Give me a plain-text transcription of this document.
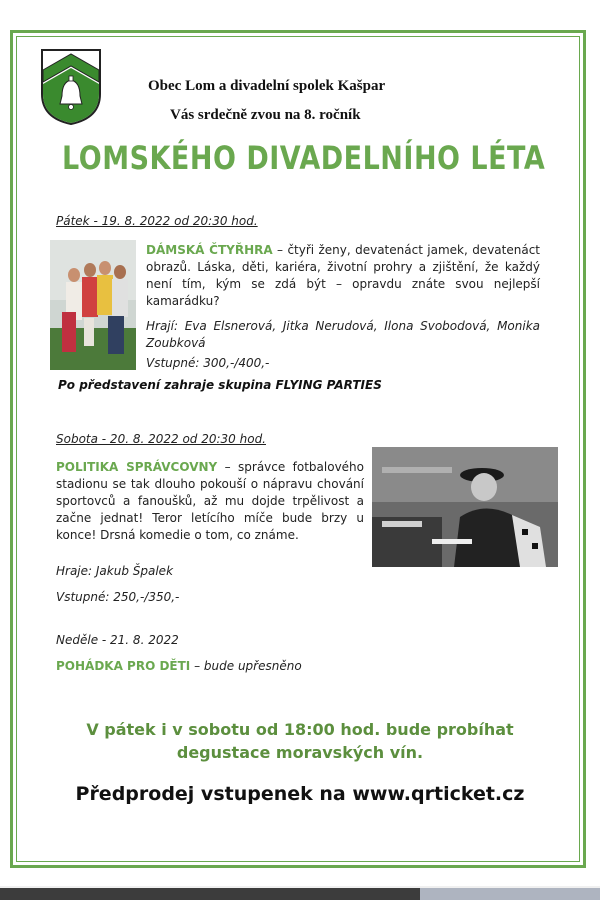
Obec Lom a divadelní spolek Kašpar
Vás srdečně zvou na 8. ročník
LOMSKÉHO DIVADELNÍHO LÉTA
Pátek - 19. 8. 2022 od 20:30 hod.
DÁMSKÁ ČTYŘHRA – čtyři ženy, devatenáct jamek, devatenáct obrazů. Láska, děti, kariéra, životní prohry a zjištění, že každý není tím, kým se zdá být – opravdu znáte svou nejlepší kamarádku?
Hrají: Eva Elsnerová, Jitka Nerudová, Ilona Svobodová, Monika Zoubková
Vstupné: 300,-/400,-
Po představení zahraje skupina FLYING PARTIES
Sobota - 20. 8. 2022 od 20:30 hod.
POLITIKA SPRÁVCOVNY – správce fotbalového stadionu se tak dlouho pokouší o nápravu chování sportovců a fanoušků, až mu dojde trpělivost a začne jednat! Teror letícího míče bude brzy u konce! Drsná komedie o tom, co známe.
Hraje: Jakub Špalek
Vstupné: 250,-/350,-
Neděle - 21. 8. 2022
POHÁDKA PRO DĚTI – bude upřesněno
V pátek i v sobotu od 18:00 hod. bude probíhat degustace moravských vín.
Předprodej vstupenek na www.qrticket.cz
